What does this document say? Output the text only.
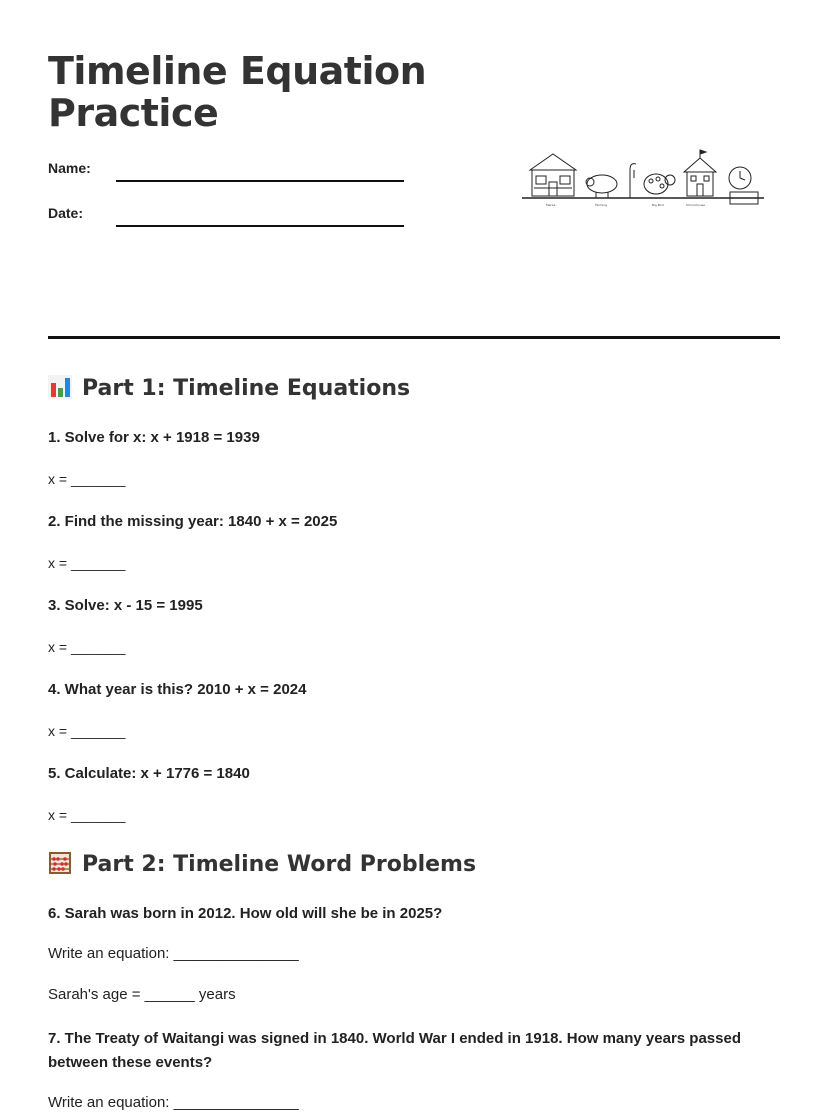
Timeline Equation
Practice
Name:
Date:	Marae	Farming	Big Bird	Schoolhouse
Part 1: Timeline Equations
1. Solve for x: x + 1918 = 1939
x = _______
2. Find the missing year: 1840 + x = 2025
x = _______
3. Solve: x - 15 = 1995
x = _______
4. What year is this? 2010 + x = 2024
x = _______
5. Calculate: x + 1776 = 1840
x = _______
Part 2: Timeline Word Problems
6. Sarah was born in 2012. How old will she be in 2025?
Write an equation: _______________
Sarah's age = ______ years
7. The Treaty of Waitangi was signed in 1840. World War I ended in 1918. How many years passed
between these events?
Write an equation: _______________
